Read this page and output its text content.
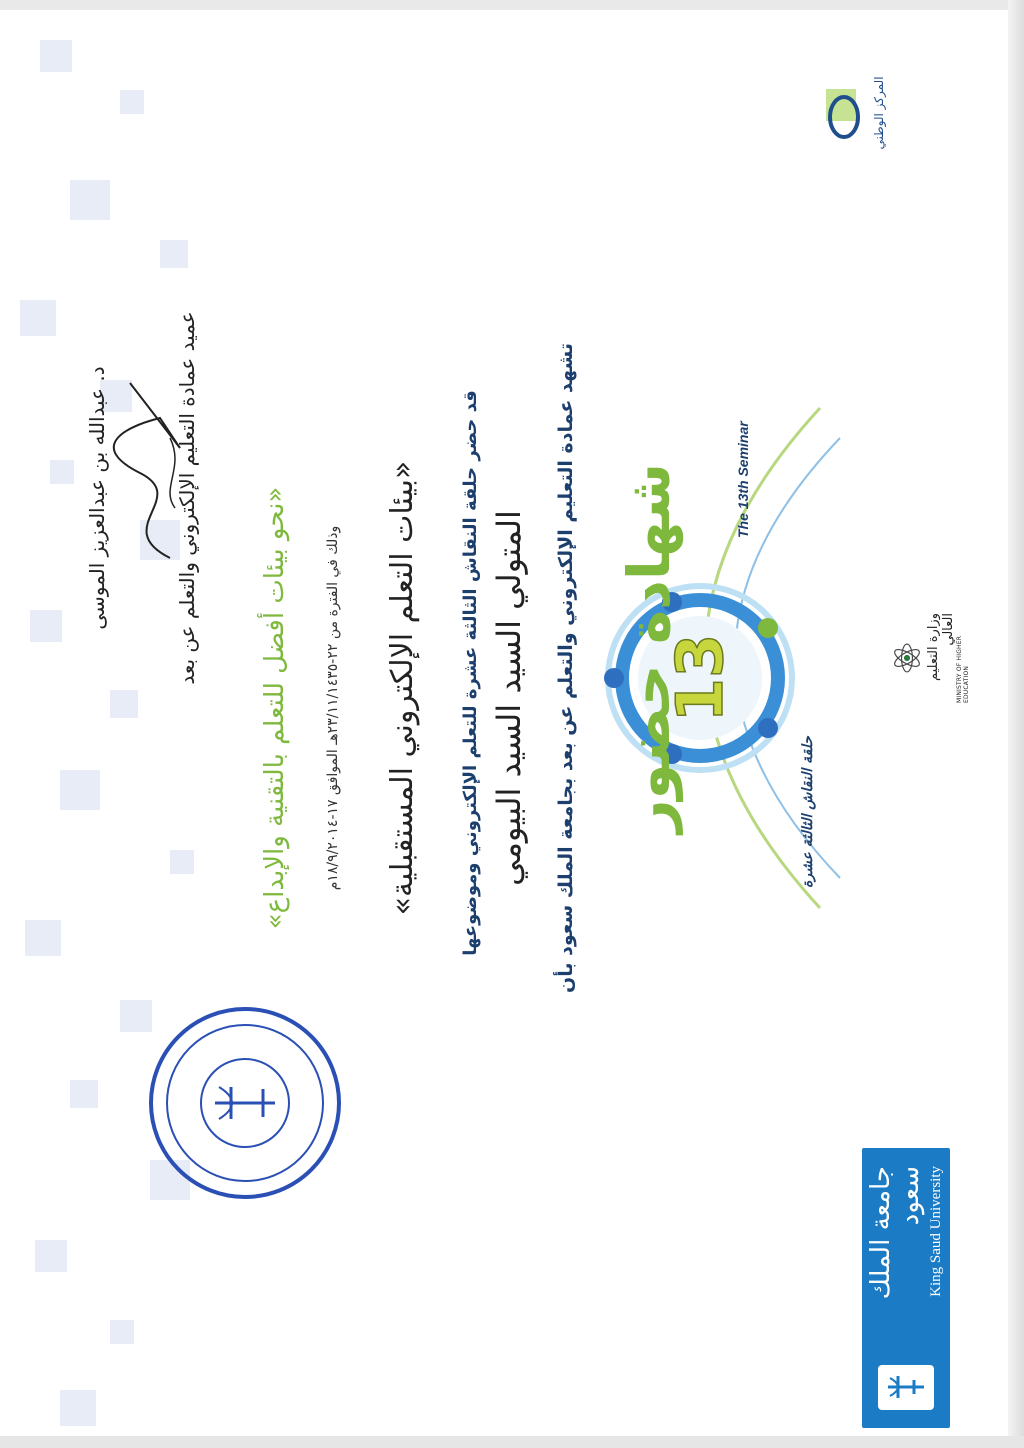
جامعة الملك سعود King Saud University
وزارة التعليم العالي
MINISTRY OF HIGHER EDUCATION
المركز الوطني
13
حلقة النقاش الثالثة عشرة
The 13th Seminar
شهادة حضور
تشهد عمادة التعليم الإلكتروني والتعلم عن بعد بجامعة الملك سعود بأن
المتولي السيد السيد البيومي
قد حضر حلقة النقاش الثالثة عشرة للتعلم الإلكتروني وموضوعها
«بيئات التعلم الإلكتروني المستقبلية»
وذلك في الفترة من ٢٢-٢٣/١١/١٤٣٥هـ الموافق ١٧-١٨/٩/٢٠١٤م
«نحو بيئات أفضل للتعلم بالتقنية والإبداع»
عميد عمادة التعليم الإلكتروني والتعلم عن بعد
د. عبدالله بن عبدالعزيز الموسى
